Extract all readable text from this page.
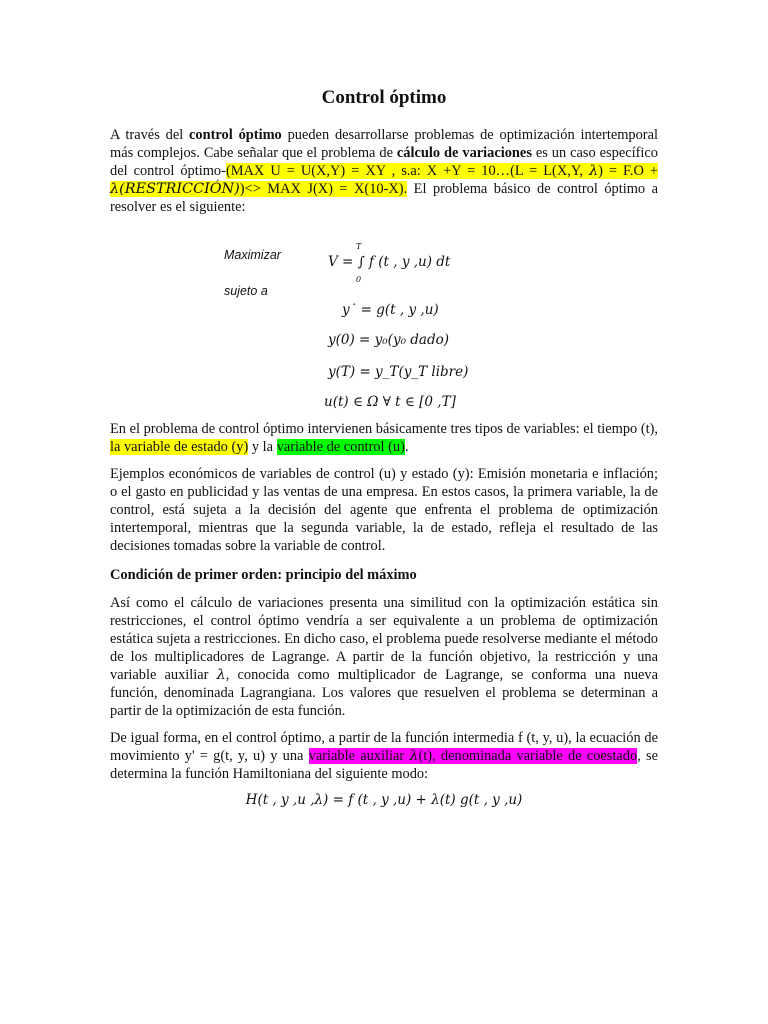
Control óptimo

A través del control óptimo pueden desarrollarse problemas de optimización intertemporal más complejos. Cabe señalar que el problema de cálculo de variaciones es un caso específico del control óptimo-(MAX U = U(X,Y) = XY , s.a: X +Y = 10…(L = L(X,Y, λ) = F.O + λ(RESTRICCIÓN))<> MAX J(X) = X(10-X). El problema básico de control óptimo a resolver es el siguiente:

Maximizar
sujeto a
T
0
V = ∫ f (t , y ,u) dt
y˙ = g(t , y ,u)
y(0) = y₀(y₀ dado)
y(T) = y_T(y_T libre)
u(t) ∈ Ω ∀ t ∈ [0 ,T]

En el problema de control óptimo intervienen básicamente tres tipos de variables: el tiempo (t), la variable de estado (y) y la variable de control (u).

Ejemplos económicos de variables de control (u) y estado (y): Emisión monetaria e inflación; o el gasto en publicidad y las ventas de una empresa. En estos casos, la primera variable, la de control, está sujeta a la decisión del agente que enfrenta el problema de optimización intertemporal, mientras que la segunda variable, la de estado, refleja el resultado de las decisiones tomadas sobre la variable de control.

Condición de primer orden: principio del máximo

Así como el cálculo de variaciones presenta una similitud con la optimización estática sin restricciones, el control óptimo vendría a ser equivalente a un problema de optimización estática sujeta a restricciones. En dicho caso, el problema puede resolverse mediante el método de los multiplicadores de Lagrange. A partir de la función objetivo, la restricción y una variable auxiliar λ, conocida como multiplicador de Lagrange, se conforma una nueva función, denominada Lagrangiana. Los valores que resuelven el problema se determinan a partir de la optimización de esta función.

De igual forma, en el control óptimo, a partir de la función intermedia f (t, y, u), la ecuación de movimiento y' = g(t, y, u) y una variable auxiliar λ(t), denominada variable de coestado, se determina la función Hamiltoniana del siguiente modo:

H(t , y ,u ,λ) = f (t , y ,u) + λ(t) g(t , y ,u)
